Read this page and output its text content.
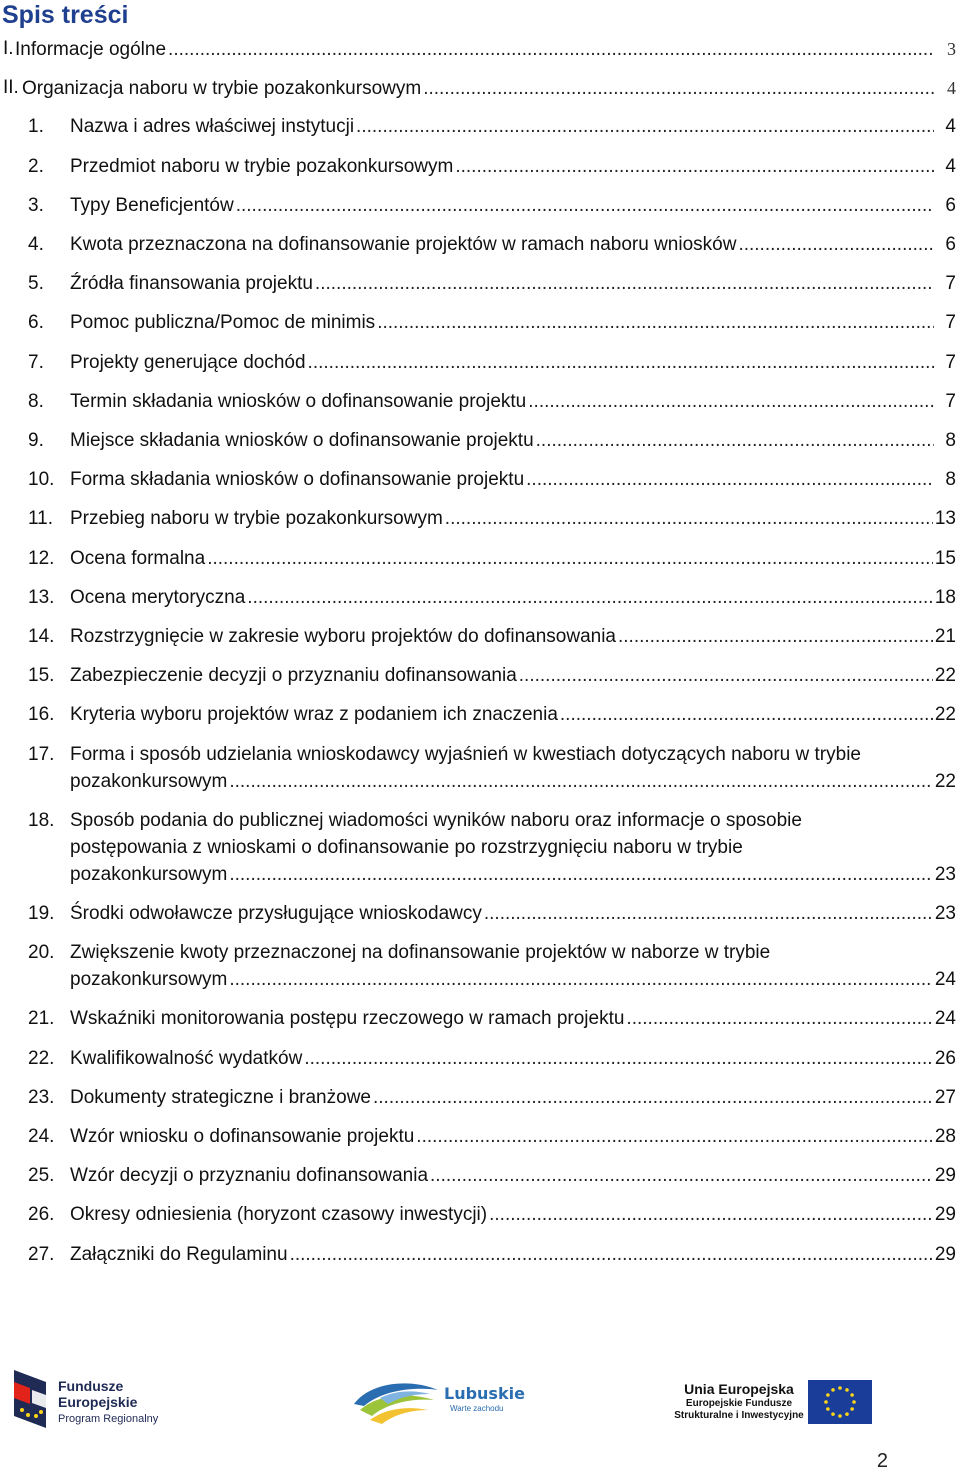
Spis treści
I. Informacje ogólne .....	3
II. Organizacja naboru w trybie pozakonkursowym .....	4
1. Nazwa i adres właściwej instytucji .....	4
2. Przedmiot naboru w trybie pozakonkursowym .....	4
3. Typy Beneficjentów .....	6
4. Kwota przeznaczona na dofinansowanie projektów w ramach naboru wniosków .....	6
5. Źródła finansowania projektu .....	7
6. Pomoc publiczna/Pomoc de minimis .....	7
7. Projekty generujące dochód .....	7
8. Termin składania wniosków o dofinansowanie projektu .....	7
9. Miejsce składania wniosków o dofinansowanie projektu .....	8
10. Forma składania wniosków o dofinansowanie projektu .....	8
11. Przebieg naboru w trybie pozakonkursowym .....	13
12. Ocena formalna .....	15
13. Ocena merytoryczna .....	18
14. Rozstrzygnięcie w zakresie wyboru projektów do dofinansowania .....	21
15. Zabezpieczenie decyzji o przyznaniu dofinansowania .....	22
16. Kryteria wyboru projektów wraz z podaniem ich znaczenia .....	22
17. Forma i sposób udzielania wnioskodawcy wyjaśnień w kwestiach dotyczących naboru w trybie
pozakonkursowym .....	22
18. Sposób podania do publicznej wiadomości wyników naboru oraz informacje o sposobie
postępowania z wnioskami o dofinansowanie po rozstrzygnięciu naboru w trybie
pozakonkursowym .....	23
19. Środki odwoławcze przysługujące wnioskodawcy .....	23
20. Zwiększenie kwoty przeznaczonej na dofinansowanie projektów w naborze w trybie
pozakonkursowym .....	24
21. Wskaźniki monitorowania postępu rzeczowego w ramach projektu .....	24
22. Kwalifikowalność wydatków .....	26
23. Dokumenty strategiczne i branżowe .....	27
24. Wzór wniosku o dofinansowanie projektu .....	28
25. Wzór decyzji o przyznaniu dofinansowania .....	29
26. Okresy odniesienia (horyzont czasowy inwestycji) .....	29
27. Załączniki do Regulaminu .....	29
Fundusze
Europejskie
Program Regionalny
Lubuskie
Warte zachodu
Unia Europejska
Europejskie Fundusze
Strukturalne i Inwestycyjne
2
